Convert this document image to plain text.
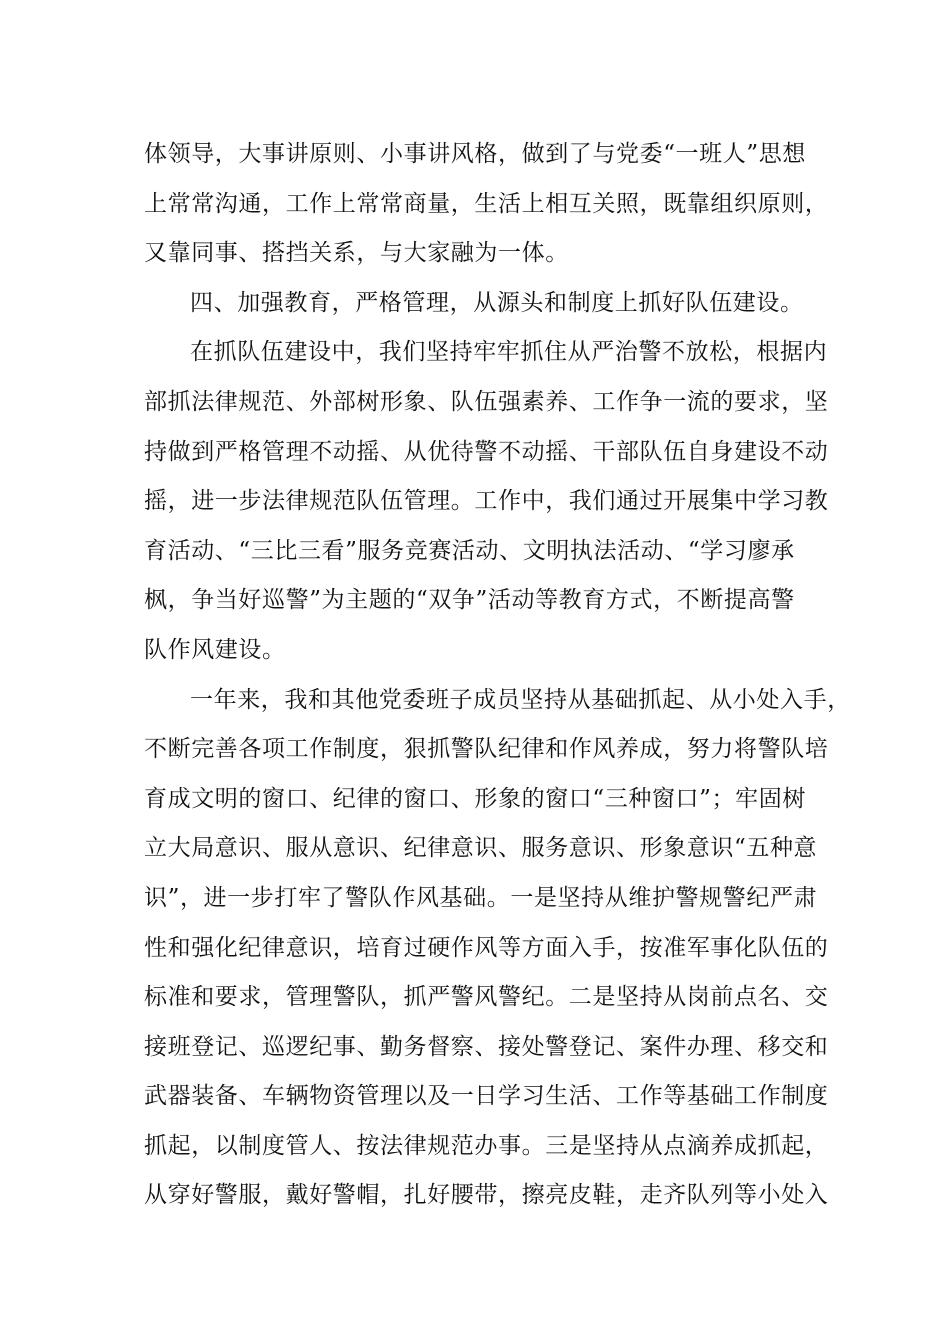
体领导，大事讲原则、小事讲风格，做到了与党委“一班人”思想
上常常沟通，工作上常常商量，生活上相互关照，既靠组织原则，
又靠同事、搭挡关系，与大家融为一体。
四、加强教育，严格管理，从源头和制度上抓好队伍建设。
在抓队伍建设中，我们坚持牢牢抓住从严治警不放松，根据内
部抓法律规范、外部树形象、队伍强素养、工作争一流的要求，坚
持做到严格管理不动摇、从优待警不动摇、干部队伍自身建设不动
摇，进一步法律规范队伍管理。工作中，我们通过开展集中学习教
育活动、“三比三看”服务竞赛活动、文明执法活动、“学习廖承
枫，争当好巡警”为主题的“双争”活动等教育方式，不断提高警
队作风建设。
一年来，我和其他党委班子成员坚持从基础抓起、从小处入手，
不断完善各项工作制度，狠抓警队纪律和作风养成，努力将警队培
育成文明的窗口、纪律的窗口、形象的窗口“三种窗口”；牢固树
立大局意识、服从意识、纪律意识、服务意识、形象意识“五种意
识”，进一步打牢了警队作风基础。一是坚持从维护警规警纪严肃
性和强化纪律意识，培育过硬作风等方面入手，按准军事化队伍的
标准和要求，管理警队，抓严警风警纪。二是坚持从岗前点名、交
接班登记、巡逻纪事、勤务督察、接处警登记、案件办理、移交和
武器装备、车辆物资管理以及一日学习生活、工作等基础工作制度
抓起，以制度管人、按法律规范办事。三是坚持从点滴养成抓起，
从穿好警服，戴好警帽，扎好腰带，擦亮皮鞋，走齐队列等小处入
